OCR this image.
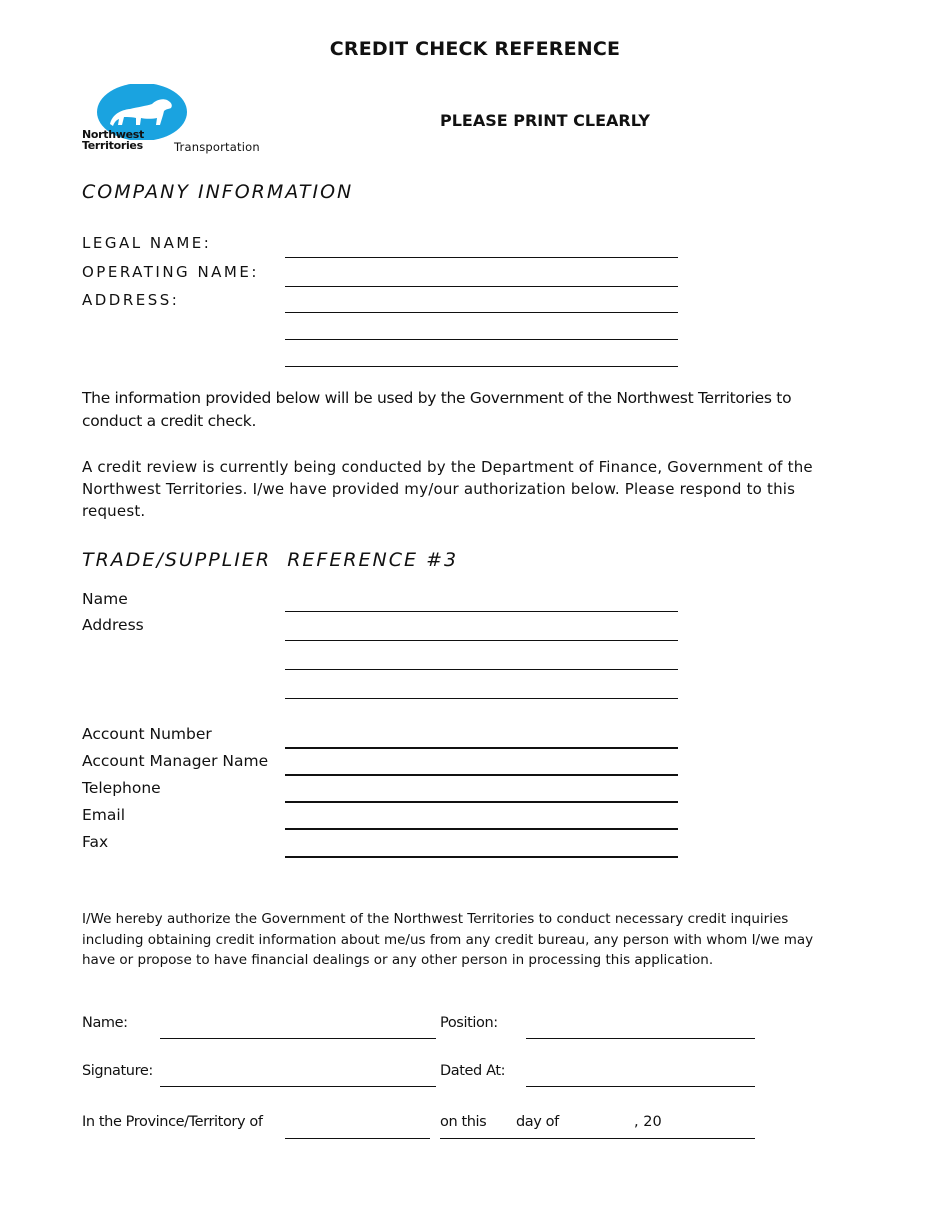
CREDIT CHECK REFERENCE
Northwest
Territories	Transportation
PLEASE PRINT CLEARLY
COMPANY INFORMATION
LEGAL NAME:
OPERATING NAME:
ADDRESS:
The information provided below will be used by the Government of the Northwest Territories to conduct a credit check.
A credit review is currently being conducted by the Department of Finance, Government of the Northwest Territories. I/we have provided my/our authorization below. Please respond to this request.
TRADE/SUPPLIER  REFERENCE #3
Name
Address
Account Number
Account Manager Name
Telephone
Email
Fax
I/We hereby authorize the Government of the Northwest Territories to conduct necessary credit inquiries including obtaining credit information about me/us from any credit bureau, any person with whom I/we may have or propose to have financial dealings or any other person in processing this application.
Name:	Position:
Signature:	Dated At:
In the Province/Territory of	on this day of	, 20
